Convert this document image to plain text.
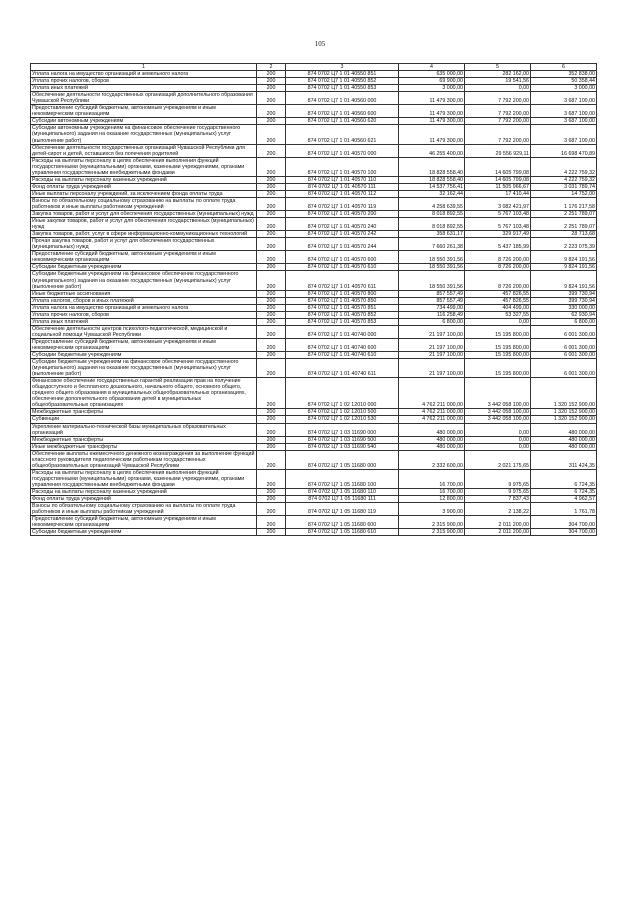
105
1	2	3	4	5	6
Уплата налога на имущество организаций и земельного налога	200	874 0702 Ц7 1 01 40550 851	635 000,00	282 162,00	352 838,00
Уплата прочих налогов, сборов	200	874 0702 Ц7 1 01 40550 852	69 900,00	19 541,56	50 358,44
Уплата иных платежей	200	874 0702 Ц7 1 01 40550 853	3 000,00	0,00	3 000,00
Обеспечение деятельности государственных организаций дополнительного образования Чувашской Республики	200	874 0702 Ц7 1 01 40560 000	11 479 300,00	7 792 200,00	3 687 100,00
Предоставление субсидий бюджетным, автономным учреждениям и иным некоммерческим организациям	200	874 0702 Ц7 1 01 40560 600	11 479 300,00	7 792 200,00	3 687 100,00
Субсидии автономным учреждениям	200	874 0702 Ц7 1 01 40560 620	11 479 300,00	7 792 200,00	3 687 100,00
Субсидии автономным учреждениям на финансовое обеспечение государственного (муниципального) задания на оказание государственных (муниципальных) услуг (выполнение работ)	200	874 0702 Ц7 1 01 40560 621	11 479 300,00	7 792 200,00	3 687 100,00
Обеспечение деятельности государственных организаций Чувашской Республики для детей-сирот и детей, оставшихся без попечения родителей	200	874 0702 Ц7 1 01 40570 000	46 255 400,00	29 556 929,11	16 698 470,89
Расходы на выплаты персоналу в целях обеспечения выполнения функций государственными (муниципальными) органами, казенными учреждениями, органами управления государственными внебюджетными фондами	200	874 0702 Ц7 1 01 40570 100	18 828 558,40	14 605 799,08	4 222 759,32
Расходы на выплаты персоналу казенных учреждений	200	874 0702 Ц7 1 01 40570 110	18 828 558,40	14 605 799,08	4 222 759,32
Фонд оплаты труда учреждений	200	874 0702 Ц7 1 01 40570 111	14 537 756,41	11 505 966,67	3 031 789,74
Иные выплаты персоналу учреждений, за исключением фонда оплаты труда	200	874 0702 Ц7 1 01 40570 112	32 162,44	17 410,44	14 752,00
Взносы по обязательному социальному страхованию на выплаты по оплате труда работников и иные выплаты работникам учреждений	200	874 0702 Ц7 1 01 40570 119	4 258 639,55	3 082 421,97	1 176 217,58
Закупка товаров, работ и услуг для обеспечения государственных (муниципальных) нужд	200	874 0702 Ц7 1 01 40570 200	8 018 892,55	5 767 103,48	2 251 789,07
Иные закупки товаров, работ и услуг для обеспечения государственных (муниципальных) нужд	200	874 0702 Ц7 1 01 40570 240	8 018 892,55	5 767 103,48	2 251 789,07
Закупка товаров, работ, услуг в сфере информационно-коммуникационных технологий	200	874 0702 Ц7 1 01 40570 242	358 631,17	329 917,49	28 713,68
Прочая закупка товаров, работ и услуг для обеспечения государственных (муниципальных) нужд	200	874 0702 Ц7 1 01 40570 244	7 660 261,38	5 437 185,99	2 223 075,39
Предоставление субсидий бюджетным, автономным учреждениям и иным некоммерческим организациям	200	874 0702 Ц7 1 01 40570 600	18 550 391,56	8 726 200,00	9 824 191,56
Субсидии бюджетным учреждениям	200	874 0702 Ц7 1 01 40570 610	18 550 391,56	8 726 200,00	9 824 191,56
Субсидии бюджетным учреждениям на финансовое обеспечение государственного (муниципального) задания на оказание государственных (муниципальных) услуг (выполнение работ)	200	874 0702 Ц7 1 01 40570 611	18 550 391,56	8 726 200,00	9 824 191,56
Иные бюджетные ассигнования	200	874 0702 Ц7 1 01 40570 800	857 557,49	457 826,55	399 730,94
Уплата налогов, сборов и иных платежей	200	874 0702 Ц7 1 01 40570 850	857 557,49	457 826,55	399 730,94
Уплата налога на имущество организаций и земельного налога	200	874 0702 Ц7 1 01 40570 851	734 499,00	404 499,00	330 000,00
Уплата прочих налогов, сборов	200	874 0702 Ц7 1 01 40570 852	116 258,49	53 327,55	62 930,94
Уплата иных платежей	200	874 0702 Ц7 1 01 40570 853	6 800,00	0,00	6 800,00
Обеспечение деятельности центров психолого-педагогической, медицинской и социальной помощи Чувашской Республики	200	874 0702 Ц7 1 01 40740 000	21 197 100,00	15 195 800,00	6 001 300,00
Предоставление субсидий бюджетным, автономным учреждениям и иным некоммерческим организациям	200	874 0702 Ц7 1 01 40740 600	21 197 100,00	15 195 800,00	6 001 300,00
Субсидии бюджетным учреждениям	200	874 0702 Ц7 1 01 40740 610	21 197 100,00	15 195 800,00	6 001 300,00
Субсидии бюджетным учреждениям на финансовое обеспечение государственного (муниципального) задания на оказание государственных (муниципальных) услуг (выполнение работ)	200	874 0702 Ц7 1 01 40740 611	21 197 100,00	15 195 800,00	6 001 300,00
Финансовое обеспечение государственных гарантий реализации прав на получение общедоступного и бесплатного дошкольного, начального общего, основного общего, среднего общего образования в муниципальных общеобразовательных организациях, обеспечение дополнительного образования детей в муниципальных общеобразовательных организациях	200	874 0702 Ц7 1 02 12010 000	4 762 211 000,00	3 442 058 100,00	1 320 152 900,00
Межбюджетные трансферты	200	874 0702 Ц7 1 02 12010 500	4 762 211 000,00	3 442 058 100,00	1 320 152 900,00
Субвенции	200	874 0702 Ц7 1 02 12010 530	4 762 211 000,00	3 442 058 100,00	1 320 152 900,00
Укрепление материально-технической базы муниципальных образовательных организаций	200	874 0702 Ц7 1 03 11690 000	480 000,00	0,00	480 000,00
Межбюджетные трансферты	200	874 0702 Ц7 1 03 11690 500	480 000,00	0,00	480 000,00
Иные межбюджетные трансферты	200	874 0702 Ц7 1 03 11690 540	480 000,00	0,00	480 000,00
Обеспечение выплаты ежемесячного денежного вознаграждения за выполнение функций классного руководителя педагогическим работникам государственных общеобразовательных организаций Чувашской Республики	200	874 0702 Ц7 1 05 11680 000	2 332 600,00	2 021 175,65	311 424,35
Расходы на выплаты персоналу в целях обеспечения выполнения функций государственными (муниципальными) органами, казенными учреждениями, органами управления государственными внебюджетными фондами	200	874 0702 Ц7 1 05 11680 100	16 700,00	9 975,65	6 724,35
Расходы на выплаты персоналу казенных учреждений	200	874 0702 Ц7 1 05 11680 110	16 700,00	9 975,65	6 724,35
Фонд оплаты труда учреждений	200	874 0702 Ц7 1 05 11680 111	12 800,00	7 837,43	4 962,57
Взносы по обязательному социальному страхованию на выплаты по оплате труда работников и иные выплаты работникам учреждений	200	874 0702 Ц7 1 05 11680 119	3 900,00	2 138,22	1 761,78
Предоставление субсидий бюджетным, автономным учреждениям и иным некоммерческим организациям	200	874 0702 Ц7 1 05 11680 600	2 315 900,00	2 011 200,00	304 700,00
Субсидии бюджетным учреждениям	200	874 0702 Ц7 1 05 11680 610	2 315 900,00	2 011 200,00	304 700,00
